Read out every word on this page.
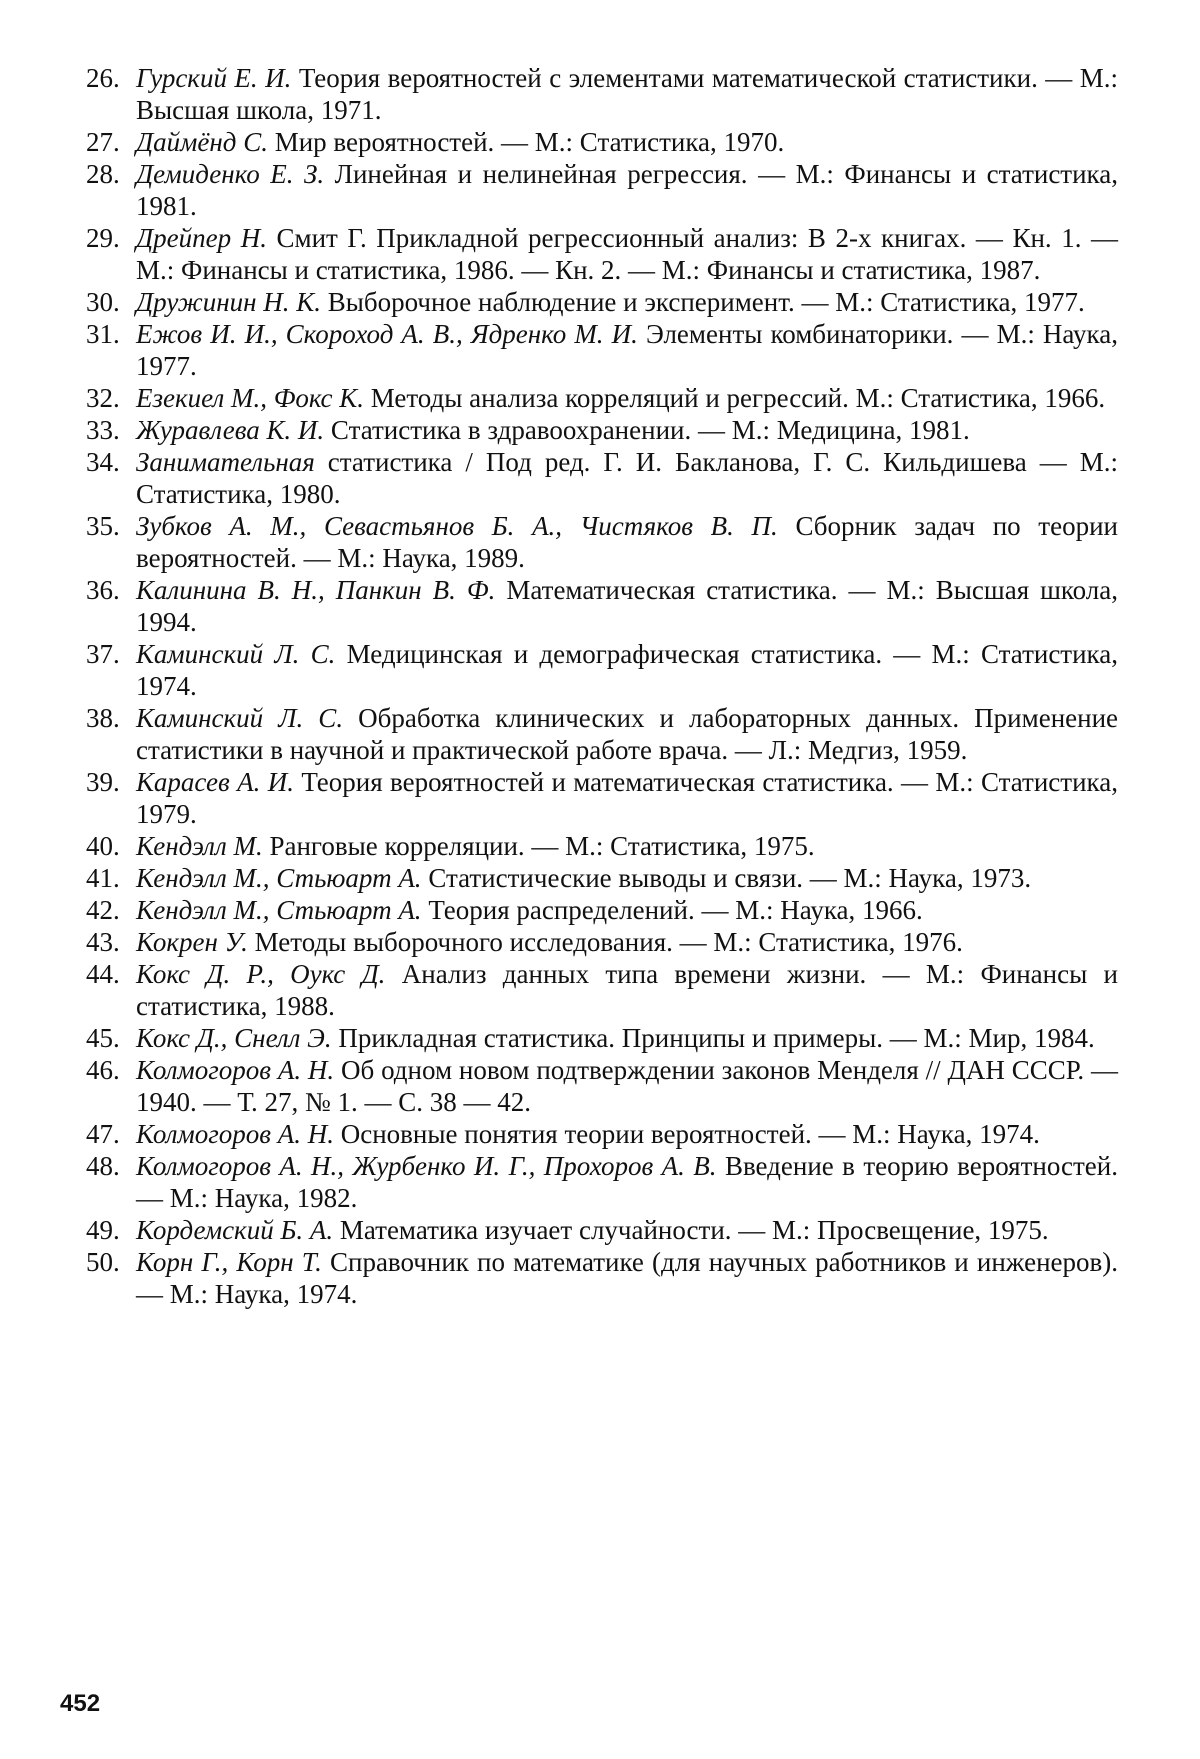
26. Гурский Е. И. Теория вероятностей с элементами математической статистики. — М.: Высшая школа, 1971.
27. Даймёнд С. Мир вероятностей. — М.: Статистика, 1970.
28. Демиденко Е. З. Линейная и нелинейная регрессия. — М.: Финансы и статистика, 1981.
29. Дрейпер Н. Смит Г. Прикладной регрессионный анализ: В 2-х книгах. — Кн. 1. — М.: Финансы и статистика, 1986. — Кн. 2. — М.: Финансы и статистика, 1987.
30. Дружинин Н. К. Выборочное наблюдение и эксперимент. — М.: Статистика, 1977.
31. Ежов И. И., Скороход А. В., Ядренко М. И. Элементы комбинаторики. — М.: Наука, 1977.
32. Езекиел М., Фокс К. Методы анализа корреляций и регрессий. М.: Статистика, 1966.
33. Журавлева К. И. Статистика в здравоохранении. — М.: Медицина, 1981.
34. Занимательная статистика / Под ред. Г. И. Бакланова, Г. С. Кильдишева — М.: Статистика, 1980.
35. Зубков А. М., Севастьянов Б. А., Чистяков В. П. Сборник задач по теории вероятностей. — М.: Наука, 1989.
36. Калинина В. Н., Панкин В. Ф. Математическая статистика. — М.: Высшая школа, 1994.
37. Каминский Л. С. Медицинская и демографическая статистика. — М.: Статистика, 1974.
38. Каминский Л. С. Обработка клинических и лабораторных данных. Применение статистики в научной и практической работе врача. — Л.: Медгиз, 1959.
39. Карасев А. И. Теория вероятностей и математическая статистика. — М.: Статистика, 1979.
40. Кендэлл М. Ранговые корреляции. — М.: Статистика, 1975.
41. Кендэлл М., Стьюарт А. Статистические выводы и связи. — М.: Наука, 1973.
42. Кендэлл М., Стьюарт А. Теория распределений. — М.: Наука, 1966.
43. Кокрен У. Методы выборочного исследования. — М.: Статистика, 1976.
44. Кокс Д. Р., Оукс Д. Анализ данных типа времени жизни. — М.: Финансы и статистика, 1988.
45. Кокс Д., Снелл Э. Прикладная статистика. Принципы и примеры. — М.: Мир, 1984.
46. Колмогоров А. Н. Об одном новом подтверждении законов Менделя // ДАН СССР. — 1940. — Т. 27, № 1. — С. 38 — 42.
47. Колмогоров А. Н. Основные понятия теории вероятностей. — М.: Наука, 1974.
48. Колмогоров А. Н., Журбенко И. Г., Прохоров А. В. Введение в теорию вероятностей. — М.: Наука, 1982.
49. Кордемский Б. А. Математика изучает случайности. — М.: Просвещение, 1975.
50. Корн Г., Корн Т. Справочник по математике (для научных работников и инженеров). — М.: Наука, 1974.
452
